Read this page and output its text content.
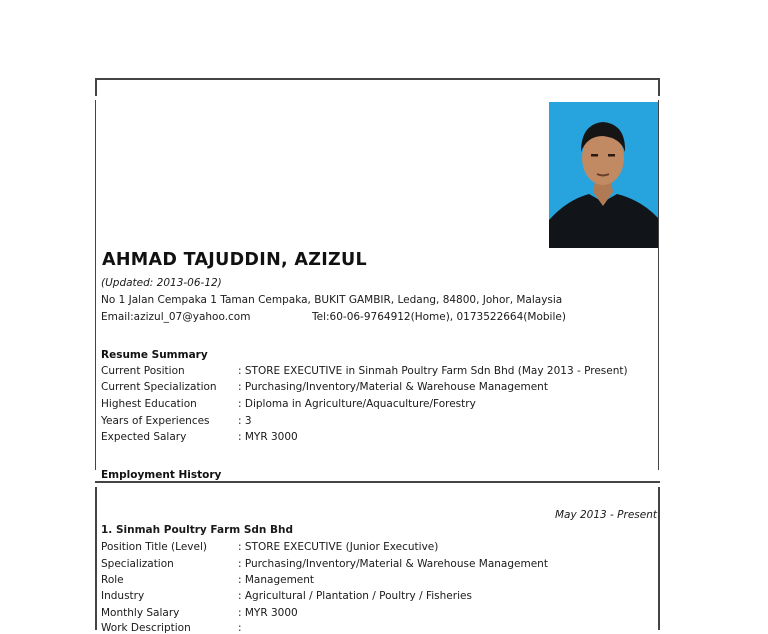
AHMAD TAJUDDIN, AZIZUL
(Updated: 2013-06-12)
No 1 Jalan Cempaka 1 Taman Cempaka, BUKIT GAMBIR, Ledang, 84800, Johor, Malaysia
Email:azizul_07@yahoo.com	Tel:60-06-9764912(Home), 0173522664(Mobile)
Resume Summary
Current Position	: STORE EXECUTIVE in Sinmah Poultry Farm Sdn Bhd (May 2013 - Present)
Current Specialization : Purchasing/Inventory/Material & Warehouse Management
Highest Education	: Diploma in Agriculture/Aquaculture/Forestry
Years of Experiences	: 3
Expected Salary	: MYR 3000
Employment History
May 2013 - Present
1. Sinmah Poultry Farm Sdn Bhd
Position Title (Level)	: STORE EXECUTIVE (Junior Executive)
Specialization	: Purchasing/Inventory/Material & Warehouse Management
Role	: Management
Industry	: Agricultural / Plantation / Poultry / Fisheries
Monthly Salary	: MYR 3000
Work Description	:
